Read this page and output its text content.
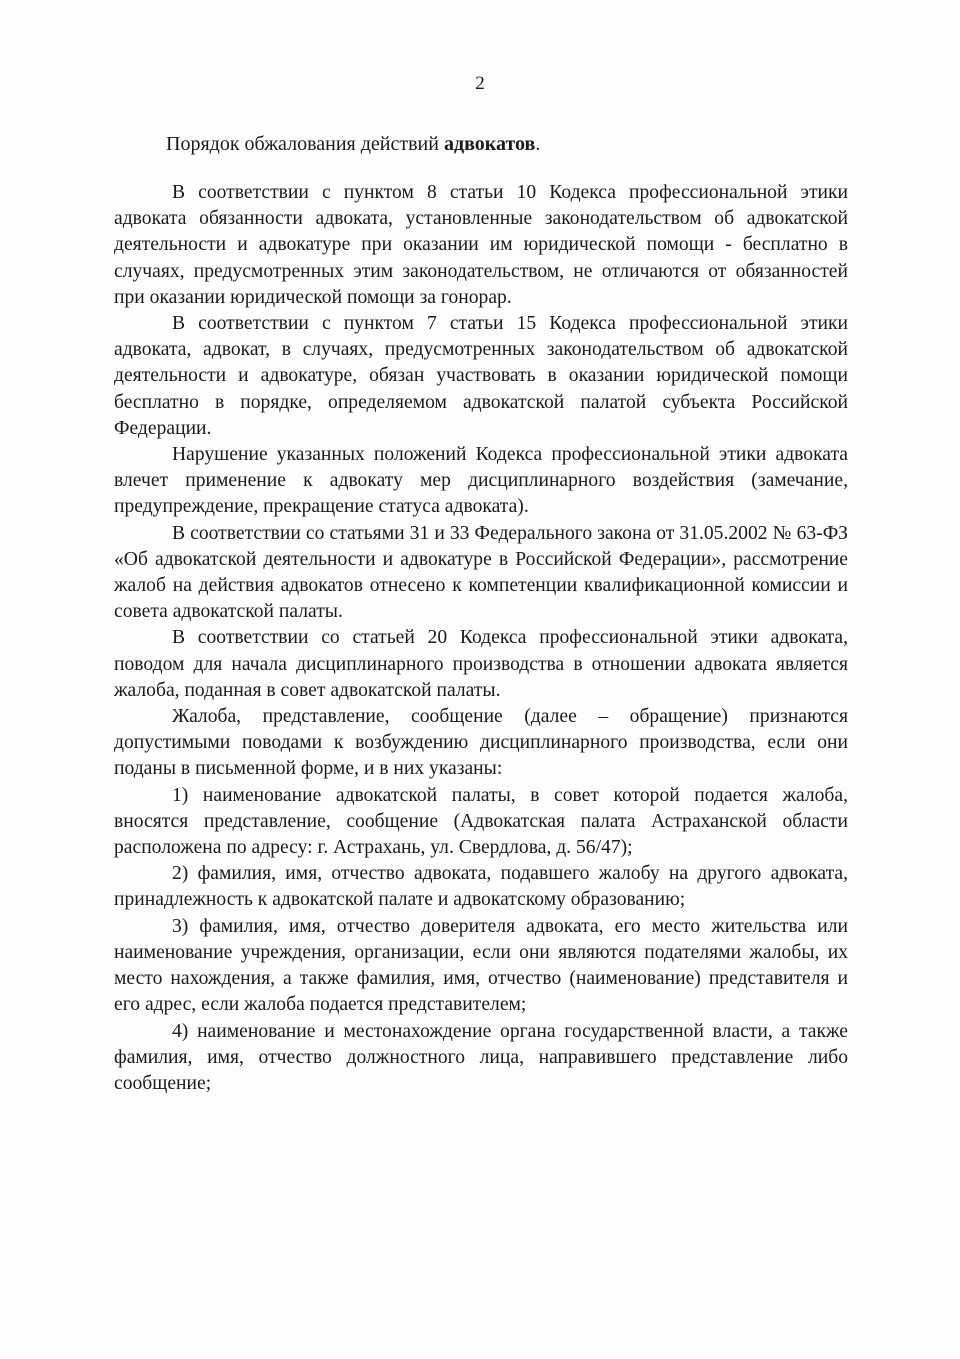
2
Порядок обжалования действий адвокатов.

В соответствии с пунктом 8 статьи 10 Кодекса профессиональной этики адвоката обязанности адвоката, установленные законодательством об адвокатской деятельности и адвокатуре при оказании им юридической помощи - бесплатно в случаях, предусмотренных этим законодательством, не отличаются от обязанностей при оказании юридической помощи за гонорар.

В соответствии с пунктом 7 статьи 15 Кодекса профессиональной этики адвоката, адвокат, в случаях, предусмотренных законодательством об адвокатской деятельности и адвокатуре, обязан участвовать в оказании юридической помощи бесплатно в порядке, определяемом адвокатской палатой субъекта Российской Федерации.

Нарушение указанных положений Кодекса профессиональной этики адвоката влечет применение к адвокату мер дисциплинарного воздействия (замечание, предупреждение, прекращение статуса адвоката).

В соответствии со статьями 31 и 33 Федерального закона от 31.05.2002 № 63-ФЗ «Об адвокатской деятельности и адвокатуре в Российской Федерации», рассмотрение жалоб на действия адвокатов отнесено к компетенции квалификационной комиссии и совета адвокатской палаты.

В соответствии со статьей 20 Кодекса профессиональной этики адвоката, поводом для начала дисциплинарного производства в отношении адвоката является жалоба, поданная в совет адвокатской палаты.

Жалоба, представление, сообщение (далее – обращение) признаются допустимыми поводами к возбуждению дисциплинарного производства, если они поданы в письменной форме, и в них указаны:

1) наименование адвокатской палаты, в совет которой подается жалоба, вносятся представление, сообщение (Адвокатская палата Астраханской области расположена по адресу: г. Астрахань, ул. Свердлова, д. 56/47);

2) фамилия, имя, отчество адвоката, подавшего жалобу на другого адвоката, принадлежность к адвокатской палате и адвокатскому образованию;

3) фамилия, имя, отчество доверителя адвоката, его место жительства или наименование учреждения, организации, если они являются подателями жалобы, их место нахождения, а также фамилия, имя, отчество (наименование) представителя и его адрес, если жалоба подается представителем;

4) наименование и местонахождение органа государственной власти, а также фамилия, имя, отчество должностного лица, направившего представление либо сообщение;
